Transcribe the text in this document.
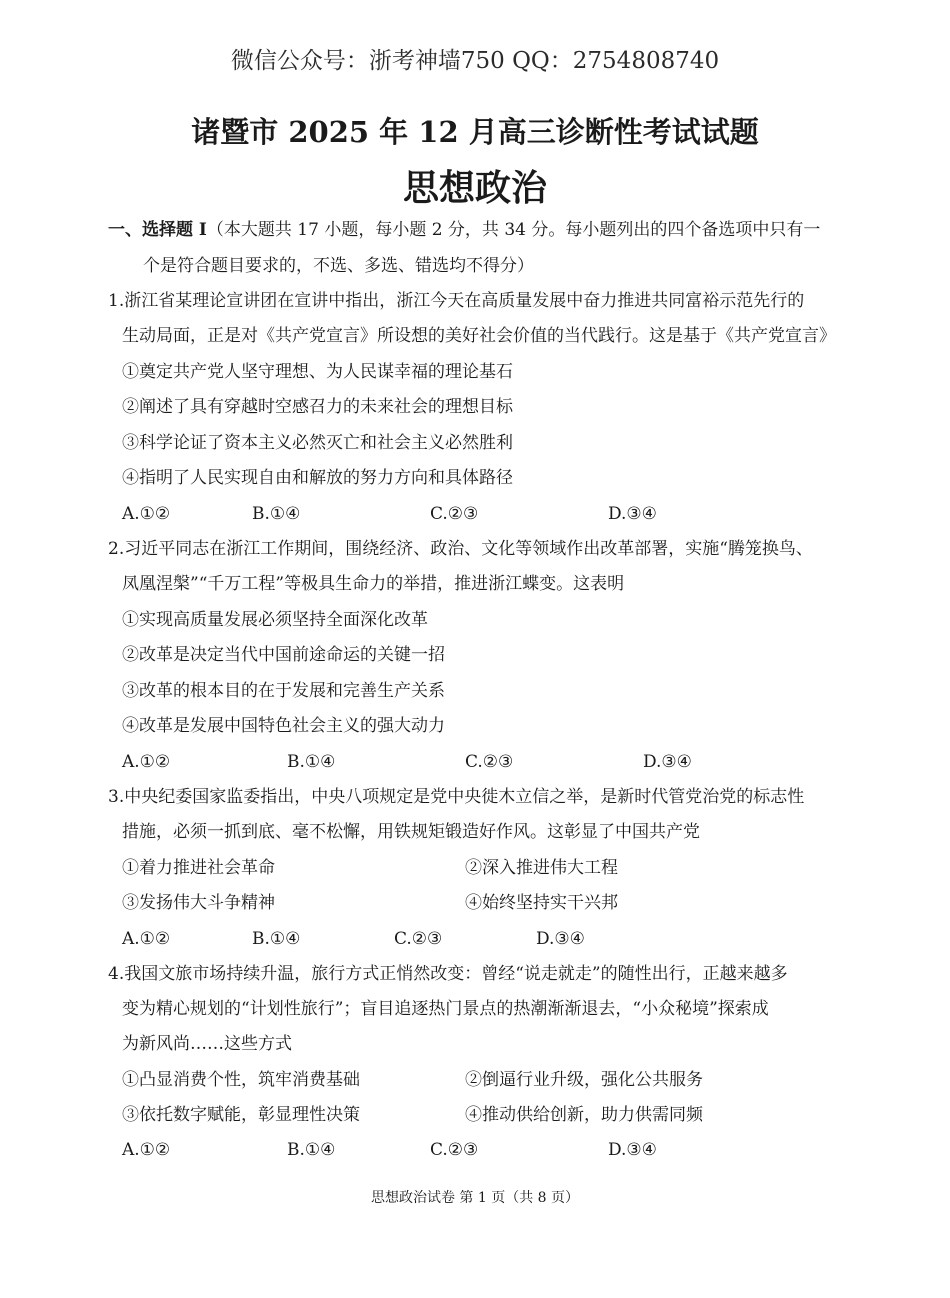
微信公众号：浙考神墙750 QQ：2754808740
诸暨市 2025 年 12 月高三诊断性考试试题
思想政治
一、选择题 I（本大题共 17 小题，每小题 2 分，共 34 分。每小题列出的四个备选项中只有一
个是符合题目要求的，不选、多选、错选均不得分）
1.浙江省某理论宣讲团在宣讲中指出，浙江今天在高质量发展中奋力推进共同富裕示范先行的
生动局面，正是对《共产党宣言》所设想的美好社会价值的当代践行。这是基于《共产党宣言》
①奠定共产党人坚守理想、为人民谋幸福的理论基石
②阐述了具有穿越时空感召力的未来社会的理想目标
③科学论证了资本主义必然灭亡和社会主义必然胜利
④指明了人民实现自由和解放的努力方向和具体路径
A.①②	B.①④	C.②③	D.③④
2.习近平同志在浙江工作期间，围绕经济、政治、文化等领域作出改革部署，实施“腾笼换鸟、
凤凰涅槃”“千万工程”等极具生命力的举措，推进浙江蝶变。这表明
①实现高质量发展必须坚持全面深化改革
②改革是决定当代中国前途命运的关键一招
③改革的根本目的在于发展和完善生产关系
④改革是发展中国特色社会主义的强大动力
A.①②	B.①④	C.②③	D.③④
3.中央纪委国家监委指出，中央八项规定是党中央徙木立信之举，是新时代管党治党的标志性
措施，必须一抓到底、毫不松懈，用铁规矩锻造好作风。这彰显了中国共产党
①着力推进社会革命	②深入推进伟大工程
③发扬伟大斗争精神	④始终坚持实干兴邦
A.①②	B.①④	C.②③	D.③④
4.我国文旅市场持续升温，旅行方式正悄然改变：曾经“说走就走”的随性出行，正越来越多
变为精心规划的“计划性旅行”；盲目追逐热门景点的热潮渐渐退去，“小众秘境”探索成
为新风尚……这些方式
①凸显消费个性，筑牢消费基础	②倒逼行业升级，强化公共服务
③依托数字赋能，彰显理性决策	④推动供给创新，助力供需同频
A.①②	B.①④	C.②③	D.③④
思想政治试卷 第 1 页（共 8 页）
